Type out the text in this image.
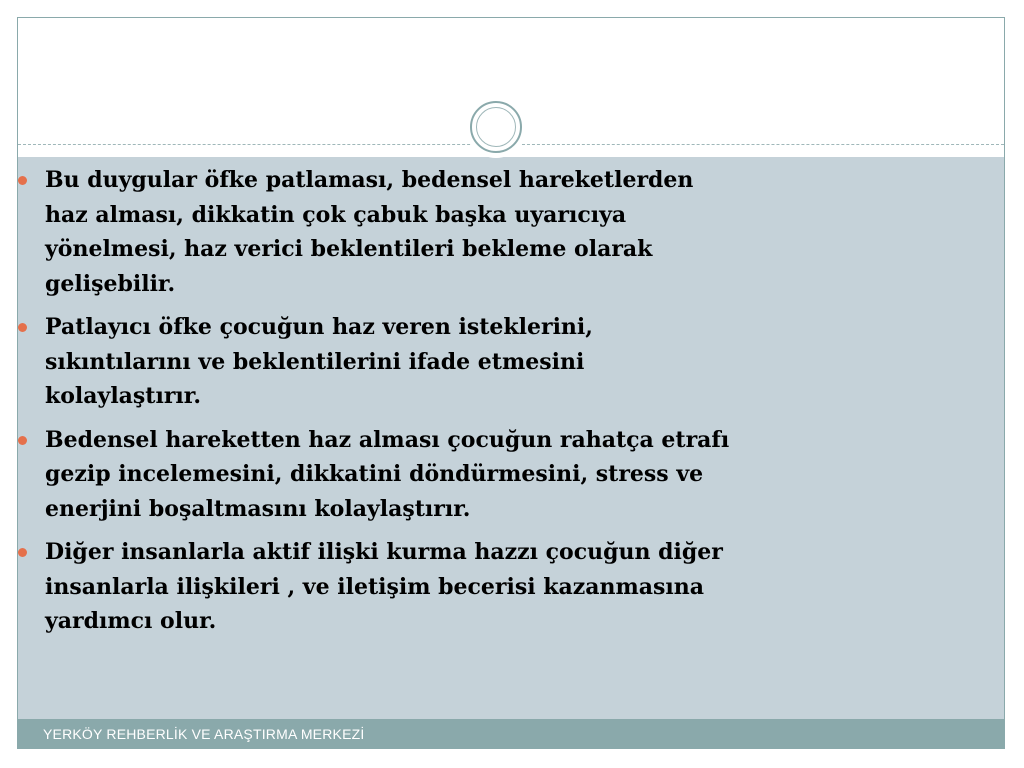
YERKÖY REHBERLİK VE ARAŞTIRMA MERKEZİ
Bu duygular öfke patlaması, bedensel hareketlerden
haz alması, dikkatin çok çabuk başka uyarıcıya
yönelmesi, haz verici beklentileri bekleme olarak
gelişebilir.
Patlayıcı öfke çocuğun haz veren isteklerini,
sıkıntılarını ve beklentilerini ifade etmesini
kolaylaştırır.
Bedensel hareketten haz alması çocuğun rahatça etrafı
gezip incelemesini, dikkatini döndürmesini, stress ve
enerjini boşaltmasını kolaylaştırır.
Diğer insanlarla aktif ilişki kurma hazzı çocuğun diğer
insanlarla ilişkileri , ve iletişim becerisi kazanmasına
yardımcı olur.
